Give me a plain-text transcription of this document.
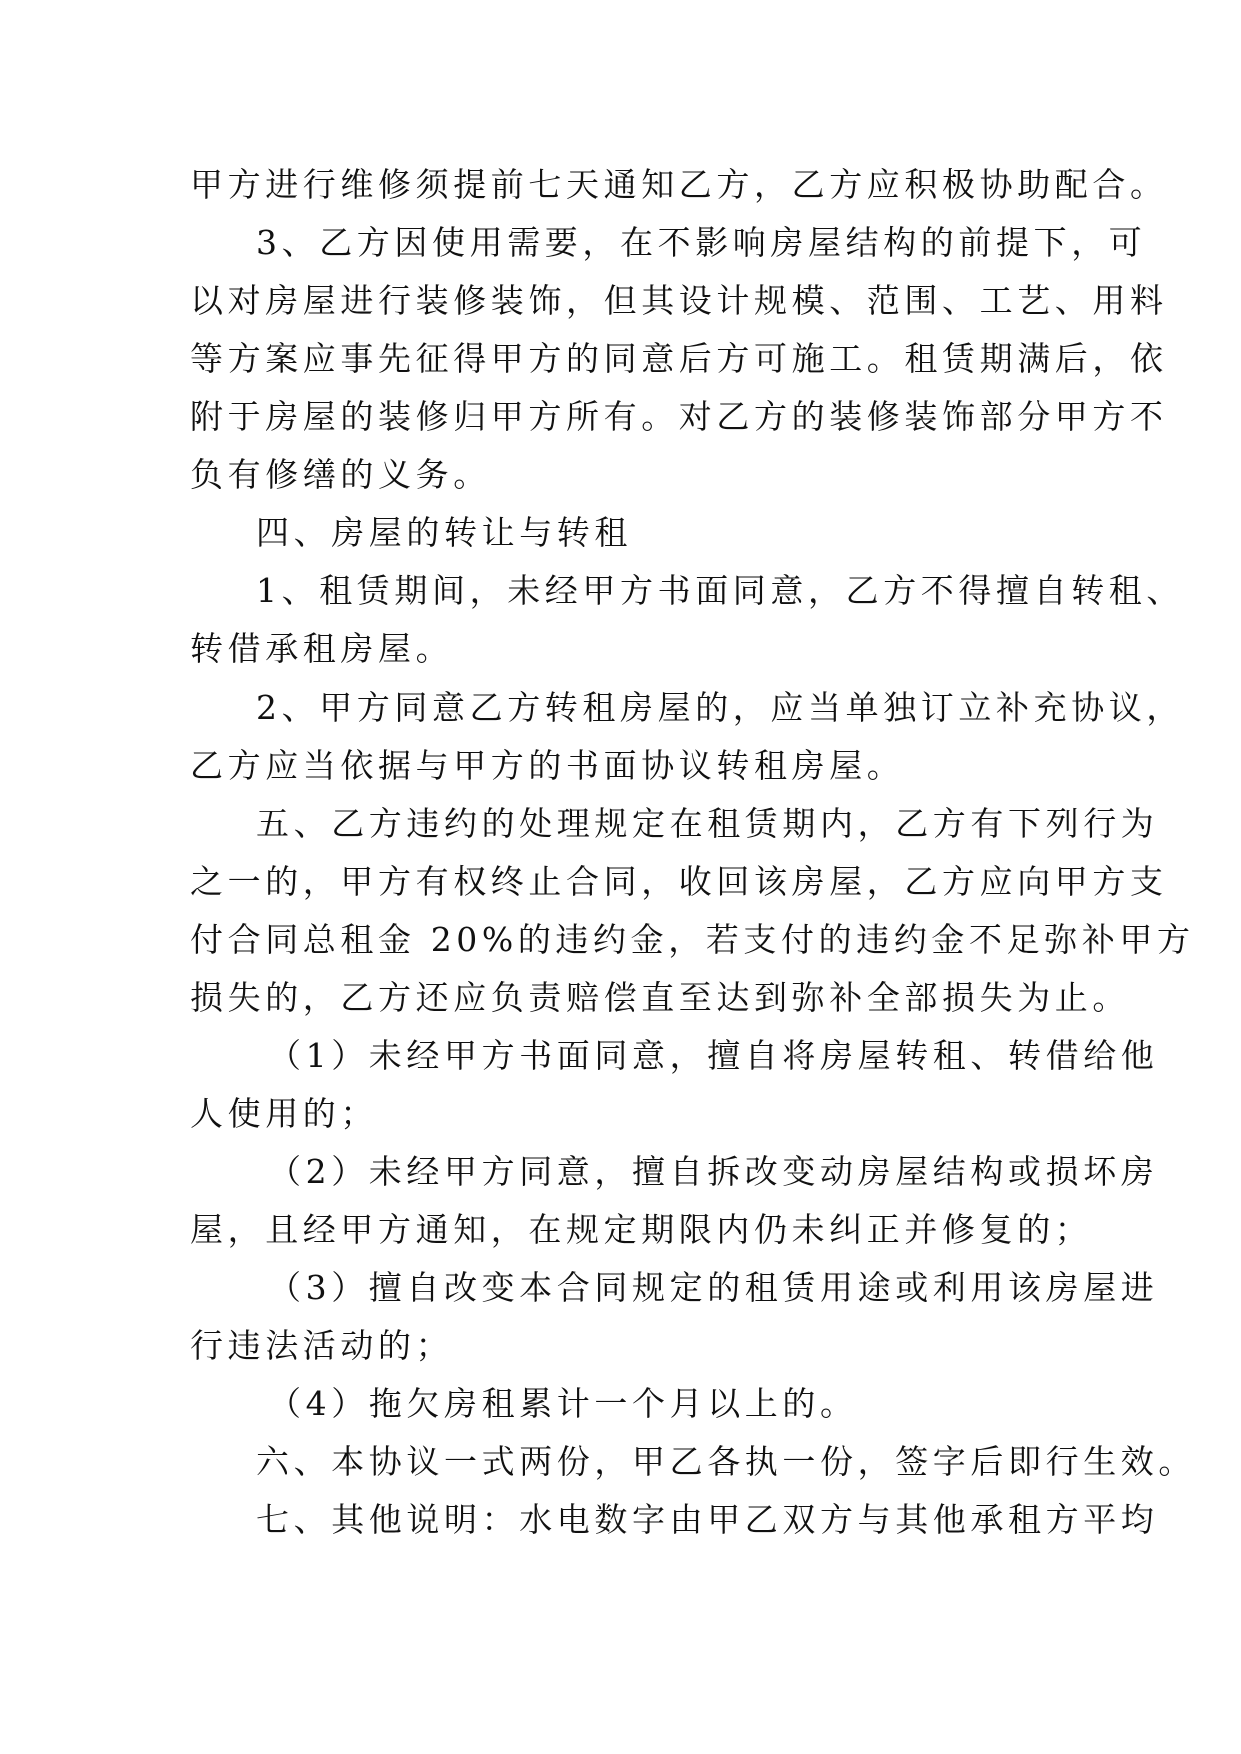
甲方进行维修须提前七天通知乙方，乙方应积极协助配合。
3、乙方因使用需要，在不影响房屋结构的前提下，可
以对房屋进行装修装饰，但其设计规模、范围、工艺、用料
等方案应事先征得甲方的同意后方可施工。租赁期满后，依
附于房屋的装修归甲方所有。对乙方的装修装饰部分甲方不
负有修缮的义务。
四、房屋的转让与转租
1、租赁期间，未经甲方书面同意，乙方不得擅自转租、
转借承租房屋。
2、甲方同意乙方转租房屋的，应当单独订立补充协议，
乙方应当依据与甲方的书面协议转租房屋。
五、乙方违约的处理规定在租赁期内，乙方有下列行为
之一的，甲方有权终止合同，收回该房屋，乙方应向甲方支
付合同总租金 20%的违约金，若支付的违约金不足弥补甲方
损失的，乙方还应负责赔偿直至达到弥补全部损失为止。
（1）未经甲方书面同意，擅自将房屋转租、转借给他
人使用的；
（2）未经甲方同意，擅自拆改变动房屋结构或损坏房
屋，且经甲方通知，在规定期限内仍未纠正并修复的；
（3）擅自改变本合同规定的租赁用途或利用该房屋进
行违法活动的；
（4）拖欠房租累计一个月以上的。
六、本协议一式两份，甲乙各执一份，签字后即行生效。
七、其他说明：水电数字由甲乙双方与其他承租方平均
